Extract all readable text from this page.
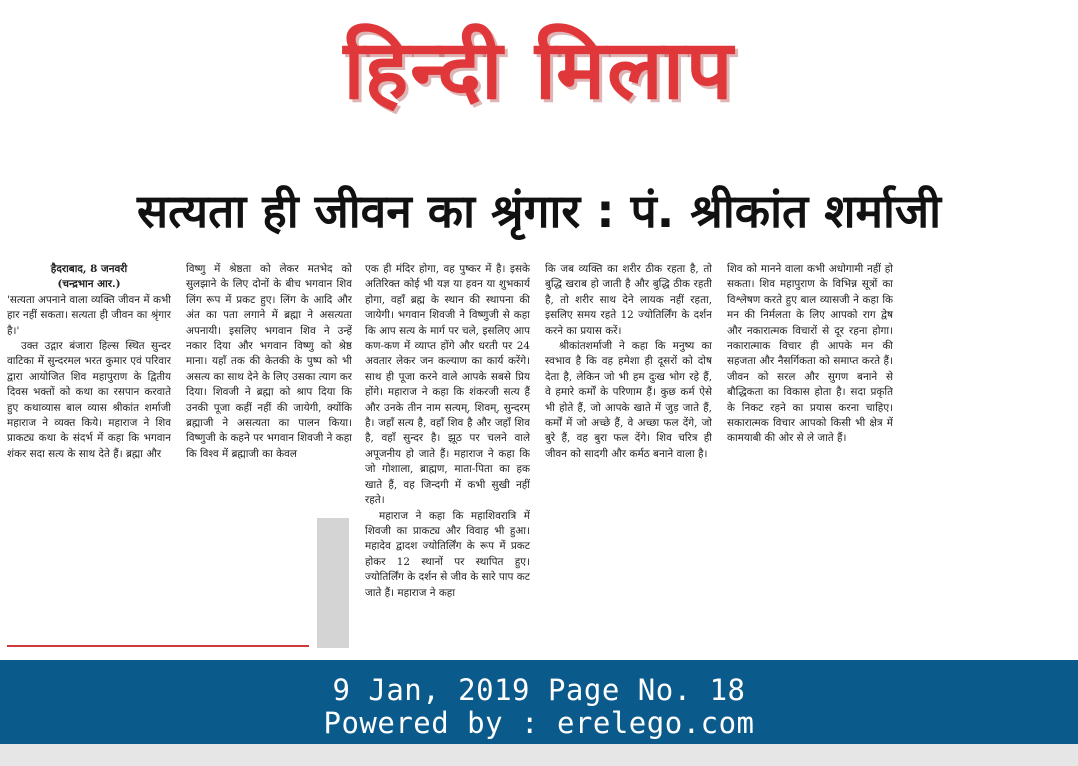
हिन्दी मिलाप
सत्यता ही जीवन का श्रृंगार : पं. श्रीकांत शर्माजी

हैदराबाद, 8 जनवरी

(चन्द्रभान आर.)

'सत्यता अपनाने वाला व्यक्ति जीवन में कभी हार नहीं सकता। सत्यता ही जीवन का श्रृंगार है।'

उक्त उद्गार बंजारा हिल्स स्थित सुन्दर वाटिका में सुन्दरमल भरत कुमार एवं परिवार द्वारा आयोजित शिव महापुराण के द्वितीय दिवस भक्तों को कथा का रसपान करवाते हुए कथाव्यास बाल व्यास श्रीकांत शर्माजी महाराज ने व्यक्त किये। महाराज ने शिव प्राकट्य कथा के संदर्भ में कहा कि भगवान शंकर सदा सत्य के साथ देते हैं। ब्रह्मा और

विष्णु में श्रेष्ठता को लेकर मतभेद को सुलझाने के लिए दोनों के बीच भगवान शिव लिंग रूप में प्रकट हुए। लिंग के आदि और अंत का पता लगाने में ब्रह्मा ने असत्यता अपनायी। इसलिए भगवान शिव ने उन्हें नकार दिया और भगवान विष्णु को श्रेष्ठ माना। यहाँ तक की केतकी के पुष्प को भी असत्य का साथ देने के लिए उसका त्याग कर दिया। शिवजी ने ब्रह्मा को श्राप दिया कि उनकी पूजा कहीं नहीं की जायेगी, क्योंकि ब्रह्माजी ने असत्यता का पालन किया। विष्णुजी के कहने पर भगवान शिवजी ने कहा कि विश्व में ब्रह्माजी का केवल

एक ही मंदिर होगा, वह पुष्कर में है। इसके अतिरिक्त कोई भी यज्ञ या हवन या शुभकार्य होगा, वहाँ ब्रह्म के स्थान की स्थापना की जायेगी। भगवान शिवजी ने विष्णुजी से कहा कि आप सत्य के मार्ग पर चले, इसलिए आप कण-कण में व्याप्त होंगे और धरती पर 24 अवतार लेकर जन कल्याण का कार्य करेंगे। साथ ही पूजा करने वाले आपके सबसे प्रिय होंगे। महाराज ने कहा कि शंकरजी सत्य हैं और उनके तीन नाम सत्यम्, शिवम्, सुन्दरम् है। जहाँ सत्य है, वहाँ शिव है और जहाँ शिव है, वहाँ सुन्दर है। झूठ पर चलने वाले अपूजनीय हो जाते हैं। महाराज ने कहा कि जो गोशाला, ब्राह्मण, माता-पिता का हक खाते हैं, वह जिन्दगी में कभी सुखी नहीं रहते।

महाराज ने कहा कि महाशिवरात्रि में शिवजी का प्राकट्य और विवाह भी हुआ। महादेव द्वादश ज्योतिर्लिंग के रूप में प्रकट होकर 12 स्थानों पर स्थापित हुए। ज्योतिर्लिंग के दर्शन से जीव के सारे पाप कट जाते हैं। महाराज ने कहा

कि जब व्यक्ति का शरीर ठीक रहता है, तो बुद्धि खराब हो जाती है और बुद्धि ठीक रहती है, तो शरीर साथ देने लायक नहीं रहता, इसलिए समय रहते 12 ज्योतिर्लिंग के दर्शन करने का प्रयास करें।

श्रीकांतशर्माजी ने कहा कि मनुष्य का स्वभाव है कि वह हमेशा ही दूसरों को दोष देता है, लेकिन जो भी हम दुःख भोग रहे हैं, वे हमारे कर्मों के परिणाम हैं। कुछ कर्म ऐसे भी होते हैं, जो आपके खाते में जुड़ जाते हैं, कर्मों में जो अच्छे हैं, वे अच्छा फल देंगे, जो बुरे हैं, वह बुरा फल देंगे। शिव चरित्र ही जीवन को सादगी और कर्मठ बनाने वाला है।

शिव को मानने वाला कभी अधोगामी नहीं हो सकता। शिव महापुराण के विभिन्न सूत्रों का विश्लेषण करते हुए बाल व्यासजी ने कहा कि मन की निर्मलता के लिए आपको राग द्वेष और नकारात्मक विचारों से दूर रहना होगा। नकारात्माक विचार ही आपके मन की सहजता और नैसर्गिकता को समाप्त करते हैं। जीवन को सरल और सुगण बनाने से बौद्धिकता का विकास होता है। सदा प्रकृति के निकट रहने का प्रयास करना चाहिए। सकारात्मक विचार आपको किसी भी क्षेत्र में कामयाबी की ओर से ले जाते हैं।

9 Jan, 2019 Page No. 18
Powered by : erelego.com
